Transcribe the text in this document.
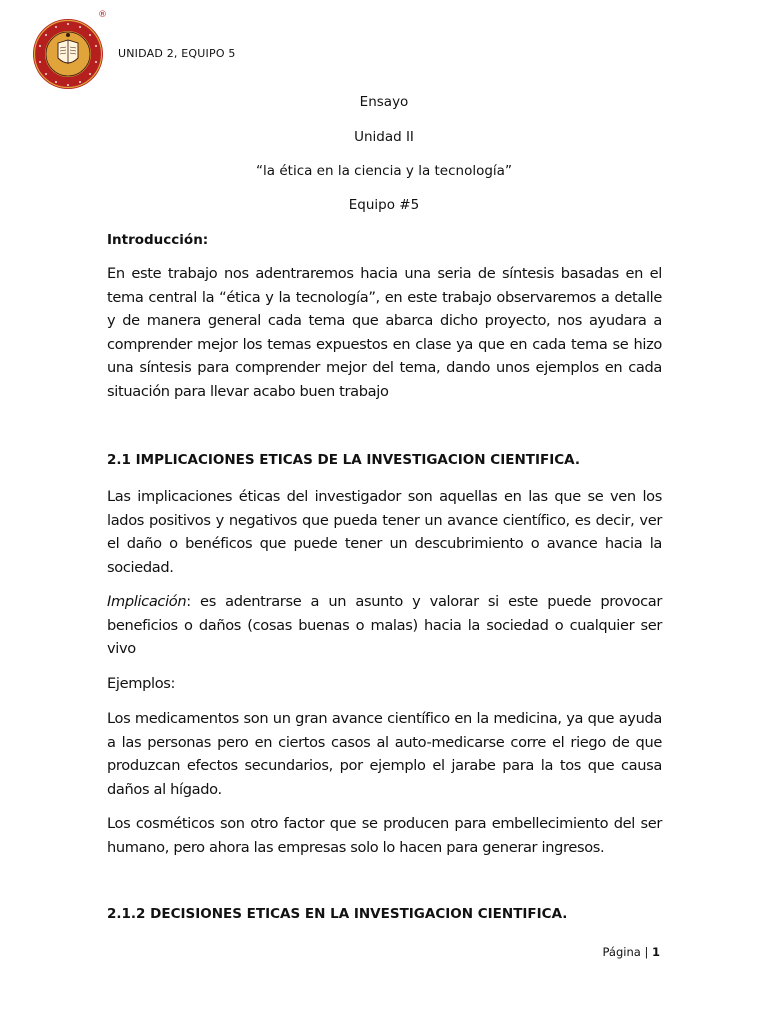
®
UNIDAD 2, EQUIPO 5
Ensayo
Unidad II
“la ética en la ciencia y la tecnología”
Equipo #5
Introducción:

En este trabajo nos adentraremos hacia una seria de síntesis basadas en el tema central la “ética y la tecnología”, en este trabajo observaremos a detalle y de manera general cada tema que abarca dicho proyecto, nos ayudara a comprender mejor los temas expuestos en clase ya que en cada tema se hizo una síntesis para comprender mejor del tema, dando unos ejemplos en cada situación para llevar acabo buen trabajo

2.1 IMPLICACIONES ETICAS DE LA INVESTIGACION CIENTIFICA.

Las implicaciones éticas del investigador son aquellas en las que se ven los lados positivos y negativos que pueda tener un avance científico, es decir, ver el daño o benéficos que puede tener un descubrimiento o avance hacia la sociedad.

Implicación: es adentrarse a un asunto y valorar si este puede provocar beneficios o daños (cosas buenas o malas) hacia la sociedad o cualquier ser vivo

Ejemplos:

Los medicamentos son un gran avance científico en la medicina, ya que ayuda a las personas pero en ciertos casos al auto-medicarse corre el riego de que produzcan efectos secundarios, por ejemplo el jarabe para la tos que causa daños al hígado.

Los cosméticos son otro factor que se producen para embellecimiento del ser humano, pero ahora las empresas solo lo hacen para generar ingresos.

2.1.2 DECISIONES ETICAS EN LA INVESTIGACION CIENTIFICA.
Página | 1
